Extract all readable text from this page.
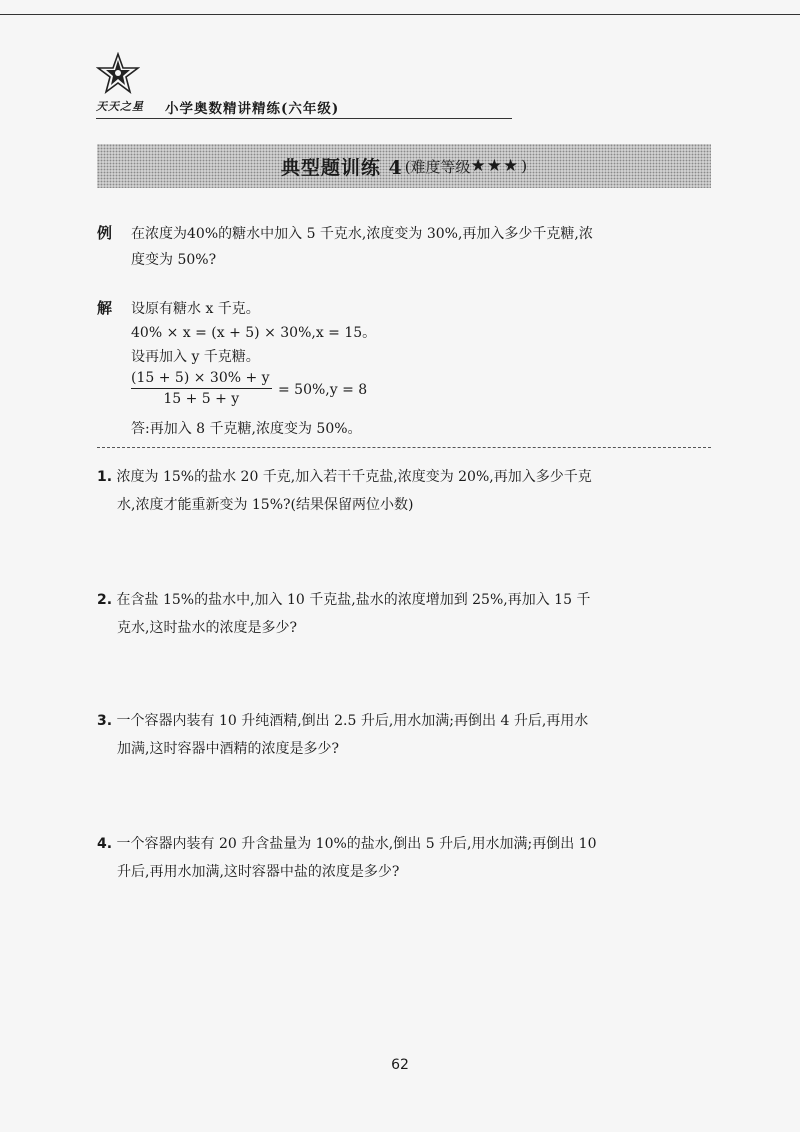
天天之星 小学奥数精讲精练(六年级)
典型题训练 4 (难度等级 ★★★ )
例 在浓度为40%的糖水中加入 5 千克水,浓度变为 30%,再加入多少千克糖,浓
度变为 50%?
解 设原有糖水 x 千克。
40% × x = (x + 5) × 30%,x = 15。
设再加入 y 千克糖。
$\frac{(15 + 5) \times 30\% + y}{15 + 5 + y} = 50\%,y = 8$
答:再加入 8 千克糖,浓度变为 50%。
1. 浓度为 15%的盐水 20 千克,加入若干千克盐,浓度变为 20%,再加入多少千克
水,浓度才能重新变为 15%?(结果保留两位小数)
2. 在含盐 15%的盐水中,加入 10 千克盐,盐水的浓度增加到 25%,再加入 15 千
克水,这时盐水的浓度是多少?
3. 一个容器内装有 10 升纯酒精,倒出 2.5 升后,用水加满;再倒出 4 升后,再用水
加满,这时容器中酒精的浓度是多少?
4. 一个容器内装有 20 升含盐量为 10%的盐水,倒出 5 升后,用水加满;再倒出 10
升后,再用水加满,这时容器中盐的浓度是多少?
62
